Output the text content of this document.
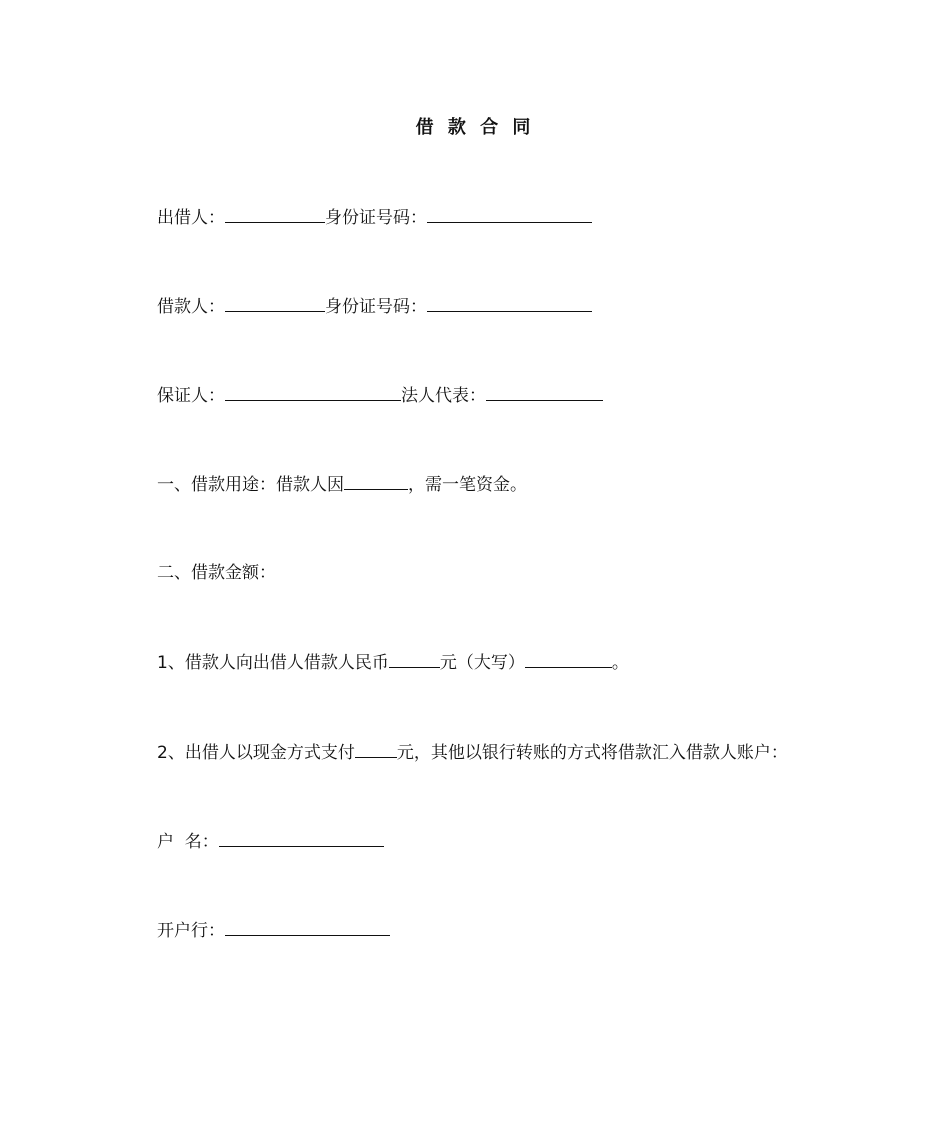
借 款 合 同
出借人：	身份证号码：
借款人：	身份证号码：
保证人：	法人代表：
一、借款用途：借款人因	，需一笔资金。
二、借款金额：
1、借款人向出借人借款人民币	元（大写）	。
2、出借人以现金方式支付 元，其他以银行转账的方式将借款汇入借款人账户：
户  名：
开户行：
